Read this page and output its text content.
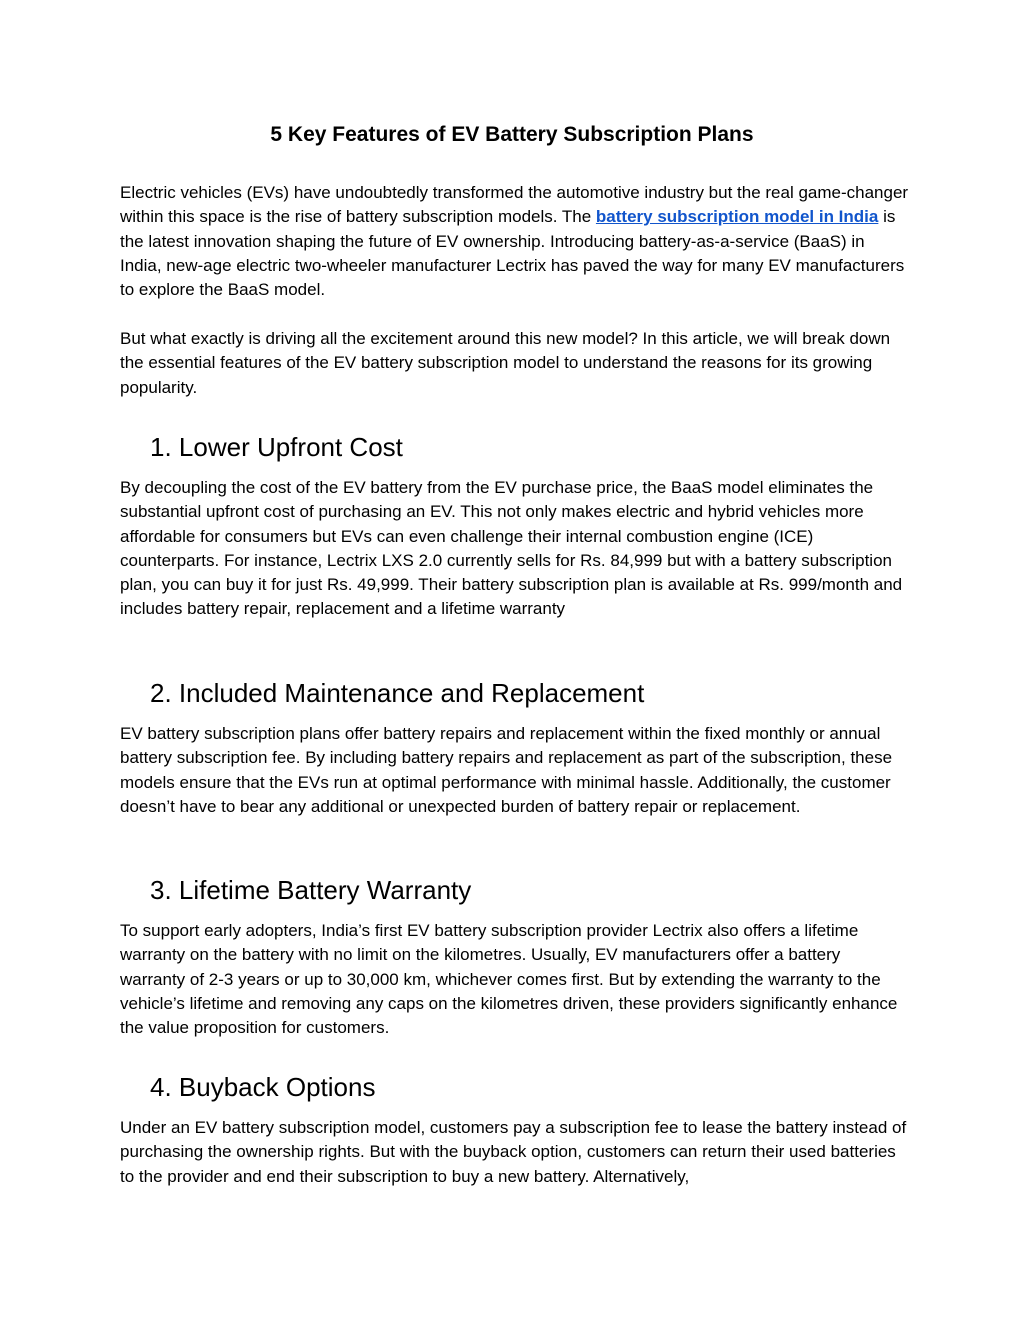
5 Key Features of EV Battery Subscription Plans

Electric vehicles (EVs) have undoubtedly transformed the automotive industry but the real game-changer within this space is the rise of battery subscription models. The battery subscription model in India is the latest innovation shaping the future of EV ownership. Introducing battery-as-a-service (BaaS) in India, new-age electric two-wheeler manufacturer Lectrix has paved the way for many EV manufacturers to explore the BaaS model.

But what exactly is driving all the excitement around this new model? In this article, we will break down the essential features of the EV battery subscription model to understand the reasons for its growing popularity.

1. Lower Upfront Cost

By decoupling the cost of the EV battery from the EV purchase price, the BaaS model eliminates the substantial upfront cost of purchasing an EV. This not only makes electric and hybrid vehicles more affordable for consumers but EVs can even challenge their internal combustion engine (ICE) counterparts. For instance, Lectrix LXS 2.0 currently sells for Rs. 84,999 but with a battery subscription plan, you can buy it for just Rs. 49,999. Their battery subscription plan is available at Rs. 999/month and includes battery repair, replacement and a lifetime warranty

2. Included Maintenance and Replacement

EV battery subscription plans offer battery repairs and replacement within the fixed monthly or annual battery subscription fee. By including battery repairs and replacement as part of the subscription, these models ensure that the EVs run at optimal performance with minimal hassle. Additionally, the customer doesn’t have to bear any additional or unexpected burden of battery repair or replacement.

3. Lifetime Battery Warranty

To support early adopters, India’s first EV battery subscription provider Lectrix also offers a lifetime warranty on the battery with no limit on the kilometres. Usually, EV manufacturers offer a battery warranty of 2-3 years or up to 30,000 km, whichever comes first. But by extending the warranty to the vehicle’s lifetime and removing any caps on the kilometres driven, these providers significantly enhance the value proposition for customers.

4. Buyback Options

Under an EV battery subscription model, customers pay a subscription fee to lease the battery instead of purchasing the ownership rights. But with the buyback option, customers can return their used batteries to the provider and end their subscription to buy a new battery. Alternatively,
